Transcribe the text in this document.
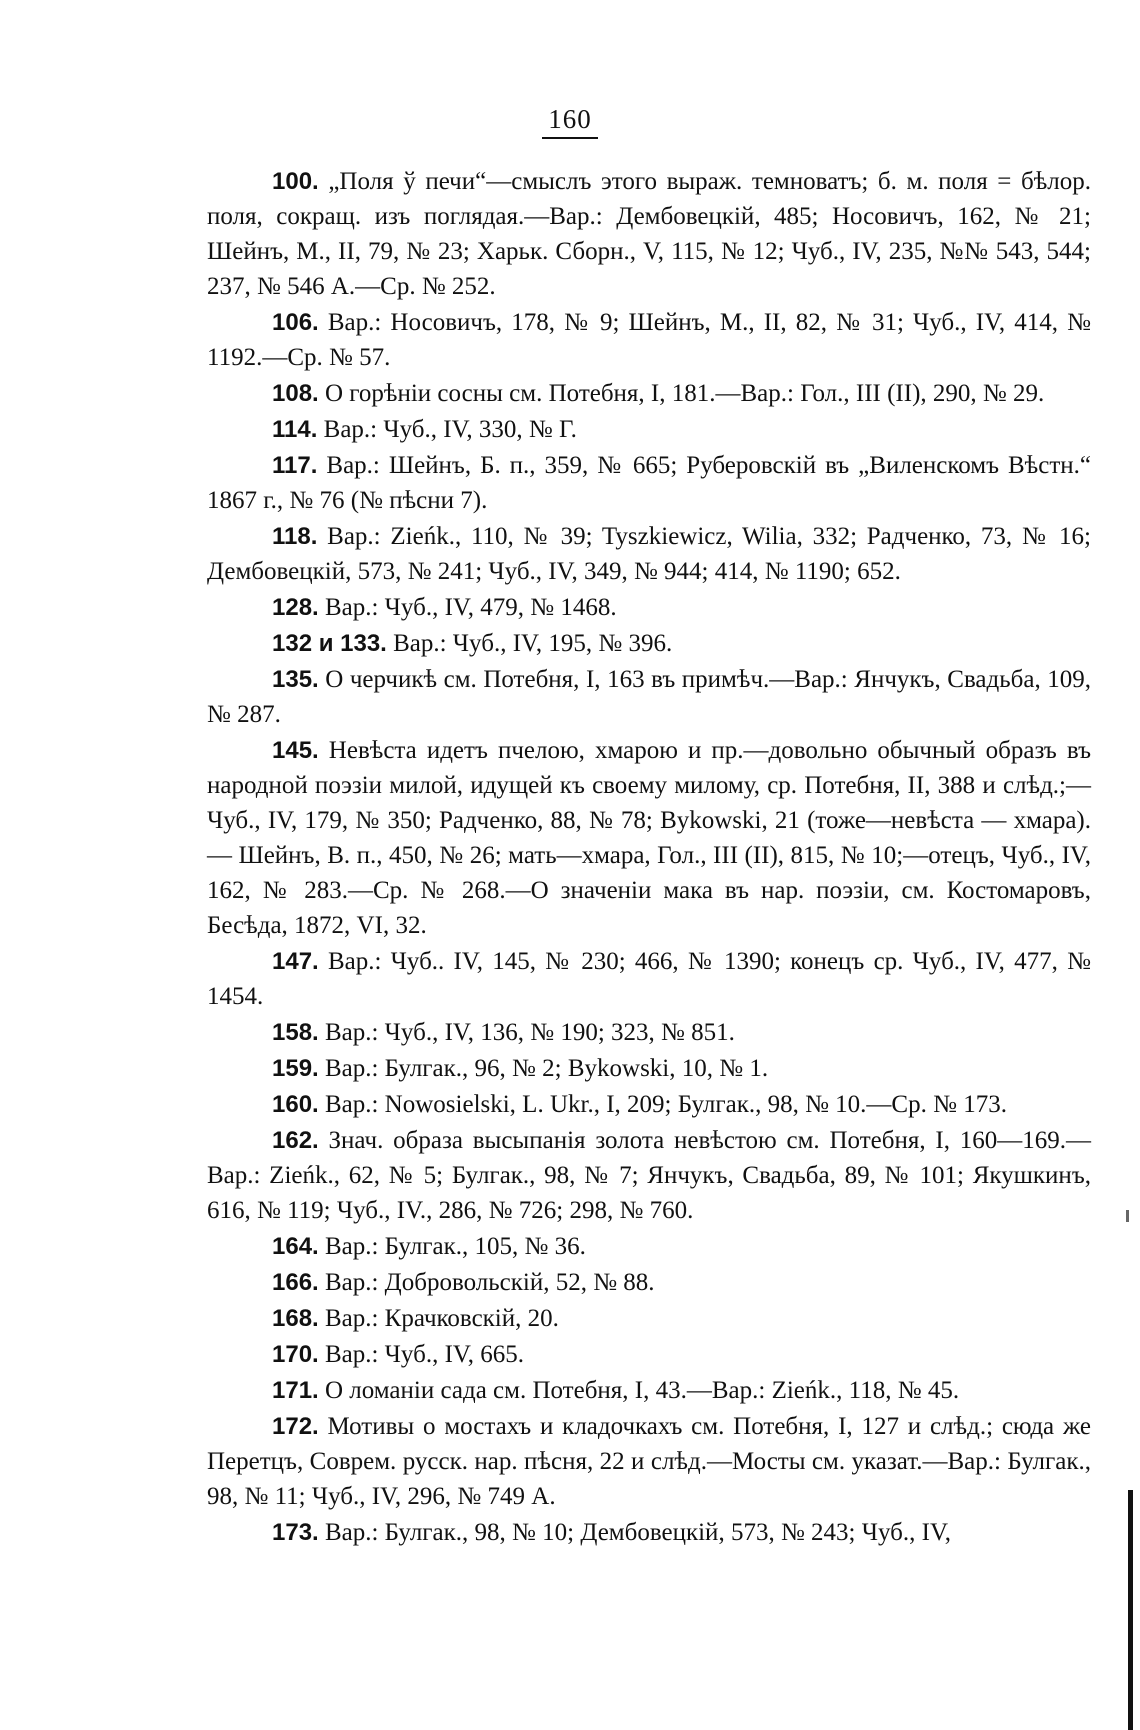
160

100. „Поля ў печи“—смыслъ этого выраж. темноватъ; б. м. поля = бѣлор. поля, сокращ. изъ поглядая.—Вар.: Дембовецкій, 485; Носовичъ, 162, № 21; Шейнъ, М., II, 79, № 23; Харьк. Сборн., V, 115, № 12; Чуб., IV, 235, №№ 543, 544; 237, № 546 А.—Ср. № 252.

106. Вар.: Носовичъ, 178, № 9; Шейнъ, М., II, 82, № 31; Чуб., IV, 414, № 1192.—Ср. № 57.

108. О горѣніи сосны см. Потебня, I, 181.—Вар.: Гол., III (II), 290, № 29.

114. Вар.: Чуб., IV, 330, № Г.

117. Вар.: Шейнъ, Б. п., 359, № 665; Руберовскій въ „Виленскомъ Вѣстн.“ 1867 г., № 76 (№ пѣсни 7).

118. Вар.: Zieńk., 110, № 39; Tyszkiewicz, Wilia, 332; Радченко, 73, № 16; Дембовецкій, 573, № 241; Чуб., IV, 349, № 944; 414, № 1190; 652.

128. Вар.: Чуб., IV, 479, № 1468.

132 и 133. Вар.: Чуб., IV, 195, № 396.

135. О черчикѣ см. Потебня, I, 163 въ примѣч.—Вар.: Янчукъ, Свадьба, 109, № 287.

145. Невѣста идетъ пчелою, хмарою и пр.—довольно обычный образъ въ народной поэзіи милой, идущей къ своему милому, ср. Потебня, II, 388 и слѣд.;—Чуб., IV, 179, № 350; Радченко, 88, № 78; Bykowski, 21 (тоже—невѣста — хмара). — Шейнъ, В. п., 450, № 26; мать—хмара, Гол., III (II), 815, № 10;—отецъ, Чуб., IV, 162, № 283.—Ср. № 268.—О значеніи мака въ нар. поэзіи, см. Костомаровъ, Бесѣда, 1872, VI, 32.

147. Вар.: Чуб.. IV, 145, № 230; 466, № 1390; конецъ ср. Чуб., IV, 477, № 1454.

158. Вар.: Чуб., IV, 136, № 190; 323, № 851.

159. Вар.: Булгак., 96, № 2; Bykowski, 10, № 1.

160. Вар.: Nowosielski, L. Ukr., I, 209; Булгак., 98, № 10.—Ср. № 173.

162. Знач. образа высыпанія золота невѣстою см. Потебня, I, 160—169.—Вар.: Zieńk., 62, № 5; Булгак., 98, № 7; Янчукъ, Свадьба, 89, № 101; Якушкинъ, 616, № 119; Чуб., IV., 286, № 726; 298, № 760.

164. Вар.: Булгак., 105, № 36.

166. Вар.: Добровольскій, 52, № 88.

168. Вар.: Крачковскій, 20.

170. Вар.: Чуб., IV, 665.

171. О ломаніи сада см. Потебня, I, 43.—Вар.: Zieńk., 118, № 45.

172. Мотивы о мостахъ и кладочкахъ см. Потебня, I, 127 и слѣд.; сюда же Перетцъ, Соврем. русск. нар. пѣсня, 22 и слѣд.—Мосты см. указат.—Вар.: Булгак., 98, № 11; Чуб., IV, 296, № 749 А.

173. Вар.: Булгак., 98, № 10; Дембовецкій, 573, № 243; Чуб., IV,
